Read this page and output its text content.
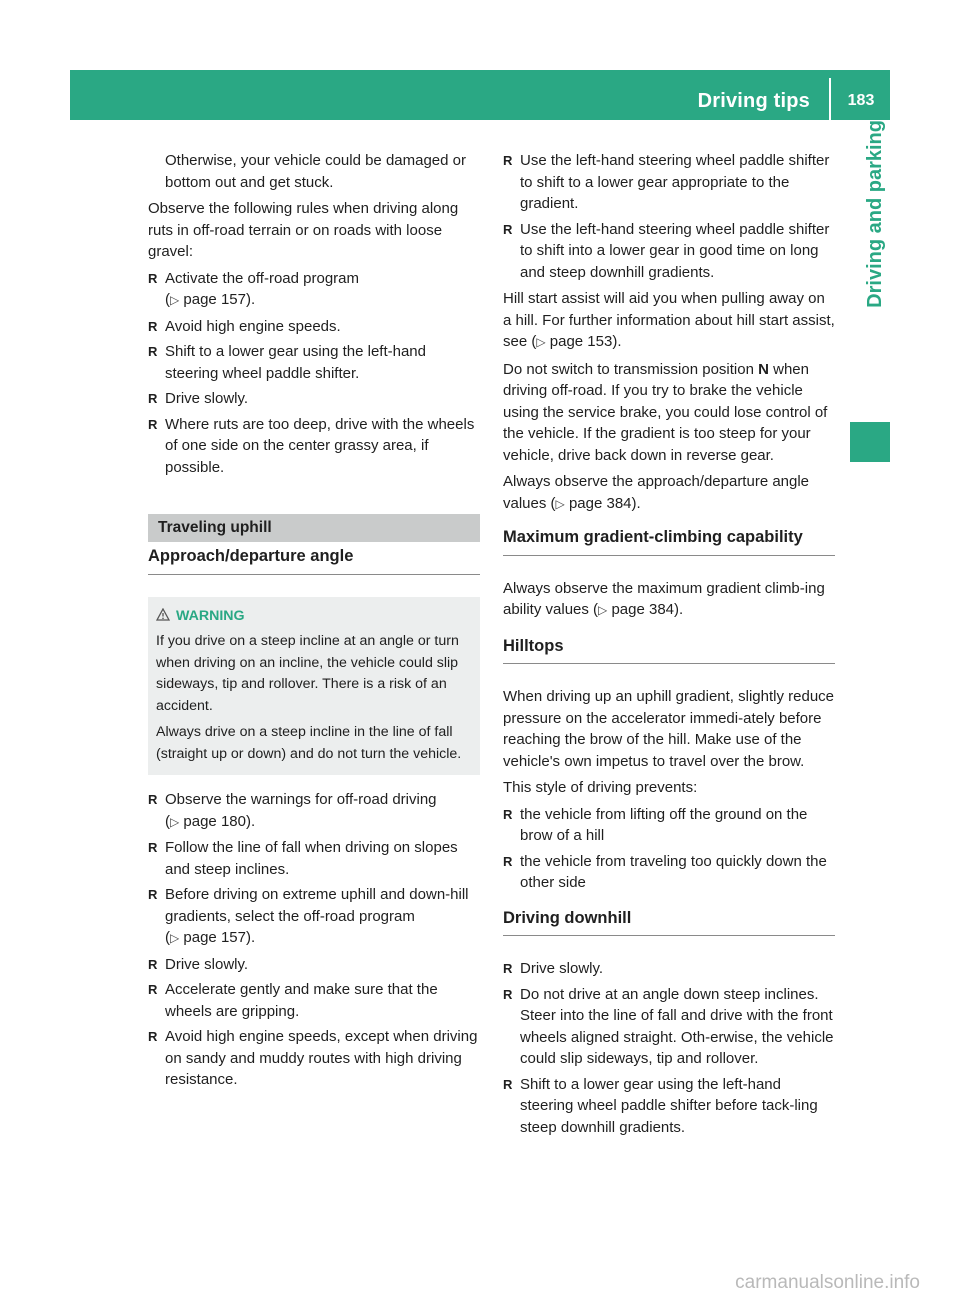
Driving tips	183
Driving and parking

Otherwise, your vehicle could be damaged or bottom out and get stuck.

Observe the following rules when driving along ruts in off-road terrain or on roads with loose gravel:

R Activate the off-road program
(▷ page 157).
R Avoid high engine speeds.
R Shift to a lower gear using the left-hand steering wheel paddle shifter.
R Drive slowly.
R Where ruts are too deep, drive with the wheels of one side on the center grassy area, if possible.
Traveling uphill
Approach/departure angle
WARNING

If you drive on a steep incline at an angle or turn when driving on an incline, the vehicle could slip sideways, tip and rollover. There is a risk of an accident.

Always drive on a steep incline in the line of fall (straight up or down) and do not turn the vehicle.

R Observe the warnings for off-road driving
(▷ page 180).
R Follow the line of fall when driving on slopes and steep inclines.
R Before driving on extreme uphill and down-hill gradients, select the off-road program
(▷ page 157).
R Drive slowly.
R Accelerate gently and make sure that the wheels are gripping.
R Avoid high engine speeds, except when driving on sandy and muddy routes with high driving resistance.
R Use the left-hand steering wheel paddle shifter to shift to a lower gear appropriate to the gradient.
R Use the left-hand steering wheel paddle shifter to shift into a lower gear in good time on long and steep downhill gradients.

Hill start assist will aid you when pulling away on a hill. For further information about hill start assist, see (▷ page 153).

Do not switch to transmission position N when driving off-road. If you try to brake the vehicle using the service brake, you could lose control of the vehicle. If the gradient is too steep for your vehicle, drive back down in reverse gear.

Always observe the approach/departure angle values (▷ page 384).

Maximum gradient-climbing capability

Always observe the maximum gradient climb-ing ability values (▷ page 384).

Hilltops

When driving up an uphill gradient, slightly reduce pressure on the accelerator immedi-ately before reaching the brow of the hill. Make use of the vehicle's own impetus to travel over the brow.

This style of driving prevents:

R the vehicle from lifting off the ground on the brow of a hill
R the vehicle from traveling too quickly down the other side
Driving downhill
R Drive slowly.
R Do not drive at an angle down steep inclines. Steer into the line of fall and drive with the front wheels aligned straight. Oth-erwise, the vehicle could slip sideways, tip and rollover.
R Shift to a lower gear using the left-hand steering wheel paddle shifter before tack-ling steep downhill gradients.
carmanualsonline.info
